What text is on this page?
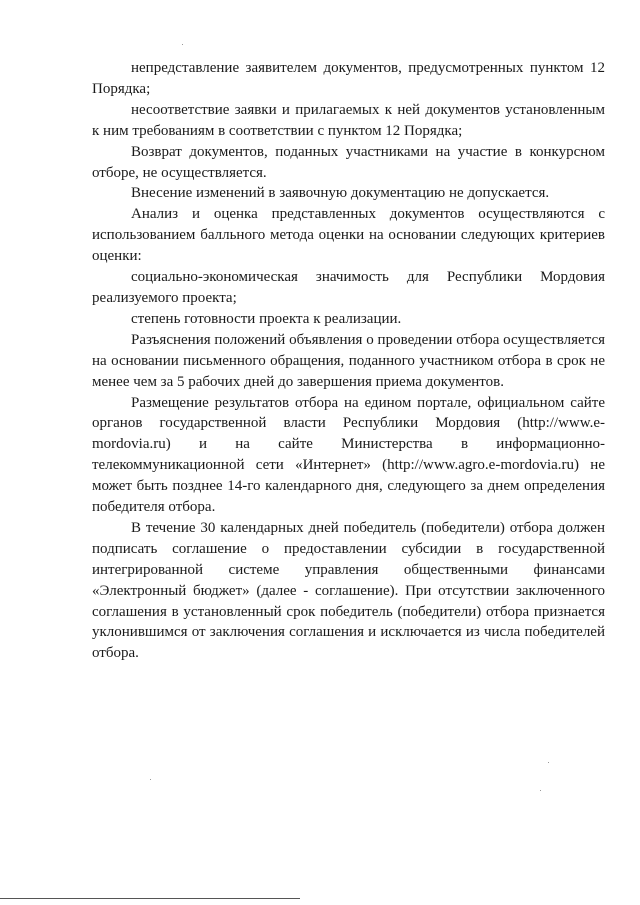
непредставление заявителем документов, предусмотренных пунктом 12 Порядка;

несоответствие заявки и прилагаемых к ней документов установленным к ним требованиям в соответствии с пунктом 12 Порядка;

Возврат документов, поданных участниками на участие в конкурсном отборе, не осуществляется.

Внесение изменений в заявочную документацию не допускается.

Анализ и оценка представленных документов осуществляются с использованием балльного метода оценки на основании следующих критериев оценки:

социально-экономическая значимость для Республики Мордовия реализуемого проекта;

степень готовности проекта к реализации.

Разъяснения положений объявления о проведении отбора осуществляется на основании письменного обращения, поданного участником отбора в срок не менее чем за 5 рабочих дней до завершения приема документов.

Размещение результатов отбора на едином портале, официальном сайте органов государственной власти Республики Мордовия (http://www.e-mordovia.ru) и на сайте Министерства в информационно-телекоммуникационной сети «Интернет» (http://www.agro.e-mordovia.ru) не может быть позднее 14-го календарного дня, следующего за днем определения победителя отбора.

В течение 30 календарных дней победитель (победители) отбора должен подписать соглашение о предоставлении субсидии в государственной интегрированной системе управления общественными финансами «Электронный бюджет» (далее - соглашение). При отсутствии заключенного соглашения в установленный срок победитель (победители) отбора признается уклонившимся от заключения соглашения и исключается из числа победителей отбора.
